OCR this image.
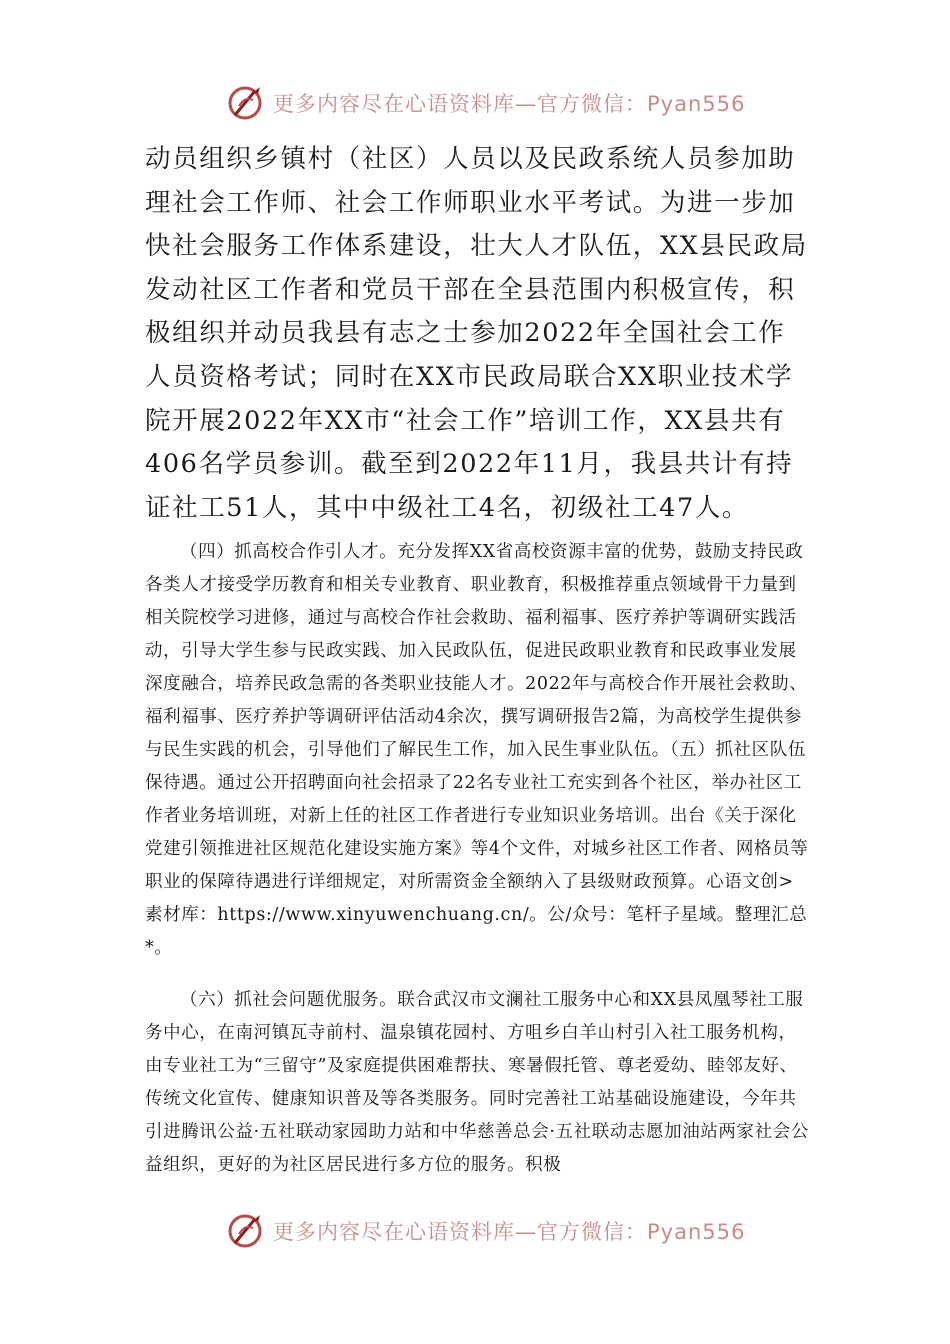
更多内容尽在心语资料库—官方微信：Pyan556

动员组织乡镇村（社区）人员以及民政系统人员参加助理社会工作师、社会工作师职业水平考试。为进一步加快社会服务工作体系建设，壮大人才队伍，XX县民政局发动社区工作者和党员干部在全县范围内积极宣传，积极组织并动员我县有志之士参加2022年全国社会工作人员资格考试；同时在XX市民政局联合XX职业技术学院开展2022年XX市“社会工作”培训工作，XX县共有406名学员参训。截至到2022年11月，我县共计有持证社工51人，其中中级社工4名，初级社工47人。

（四）抓高校合作引人才。充分发挥XX省高校资源丰富的优势，鼓励支持民政各类人才接受学历教育和相关专业教育、职业教育，积极推荐重点领域骨干力量到相关院校学习进修，通过与高校合作社会救助、福利福事、医疗养护等调研实践活动，引导大学生参与民政实践、加入民政队伍，促进民政职业教育和民政事业发展深度融合，培养民政急需的各类职业技能人才。2022年与高校合作开展社会救助、福利福事、医疗养护等调研评估活动4余次，撰写调研报告2篇，为高校学生提供参与民生实践的机会，引导他们了解民生工作，加入民生事业队伍。（五）抓社区队伍保待遇。通过公开招聘面向社会招录了22名专业社工充实到各个社区，举办社区工作者业务培训班，对新上任的社区工作者进行专业知识业务培训。出台《关于深化党建引领推进社区规范化建设实施方案》等4个文件，对城乡社区工作者、网格员等职业的保障待遇进行详细规定，对所需资金全额纳入了县级财政预算。心语文创>素材库：https://www.xinyuwenchuang.cn/。公/众号：笔杆子星域。整理汇总*。

（六）抓社会问题优服务。联合武汉市文澜社工服务中心和XX县凤凰琴社工服务中心，在南河镇瓦寺前村、温泉镇花园村、方咀乡白羊山村引入社工服务机构，由专业社工为“三留守”及家庭提供困难帮扶、寒暑假托管、尊老爱幼、睦邻友好、传统文化宣传、健康知识普及等各类服务。同时完善社工站基础设施建设，今年共引进腾讯公益·五社联动家园助力站和中华慈善总会·五社联动志愿加油站两家社会公益组织，更好的为社区居民进行多方位的服务。积极

更多内容尽在心语资料库—官方微信：Pyan556
